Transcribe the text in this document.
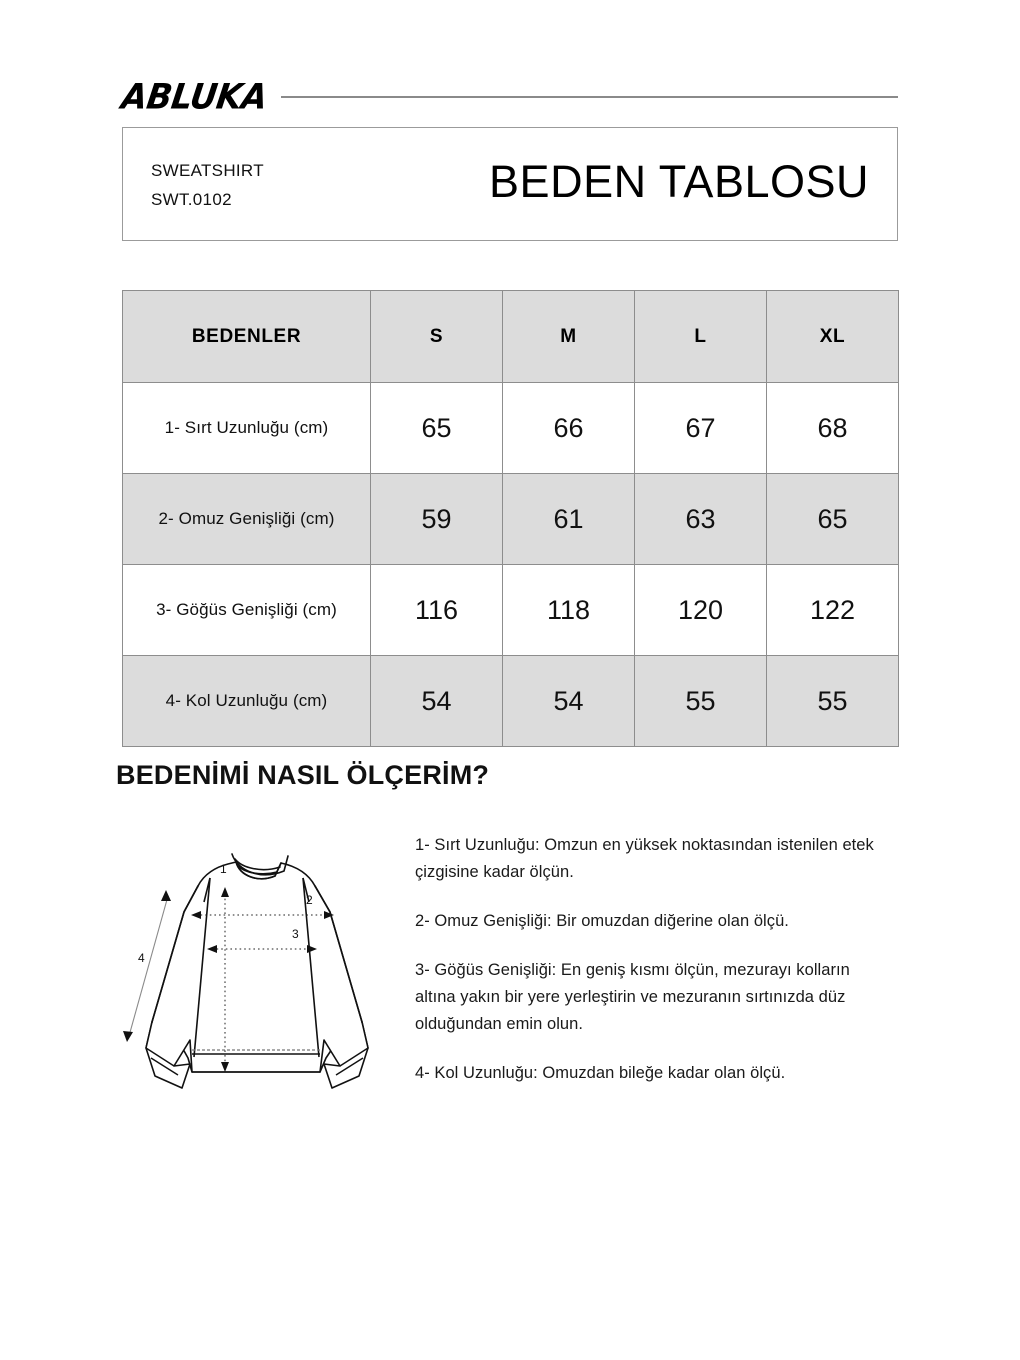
ABLUKA
SWEATSHIRT
SWT.0102	BEDEN TABLOSU
BEDENLER	S	M	L	XL
1- Sırt Uzunluğu (cm)	65	66	67	68
2- Omuz Genişliği (cm)	59	61	63	65
3- Göğüs Genişliği (cm)	116	118	120	122
4- Kol Uzunluğu (cm)	54	54	55	55
BEDENİMİ NASIL ÖLÇERİM?
1
2
3
4

1- Sırt Uzunluğu: Omzun en yüksek noktasından istenilen etek çizgisine kadar ölçün.

2- Omuz Genişliği: Bir omuzdan diğerine olan ölçü.

3- Göğüs Genişliği: En geniş kısmı ölçün, mezurayı kolların altına yakın bir yere yerleştirin ve mezuranın sırtınızda düz olduğundan emin olun.

4- Kol Uzunluğu: Omuzdan bileğe kadar olan ölçü.
